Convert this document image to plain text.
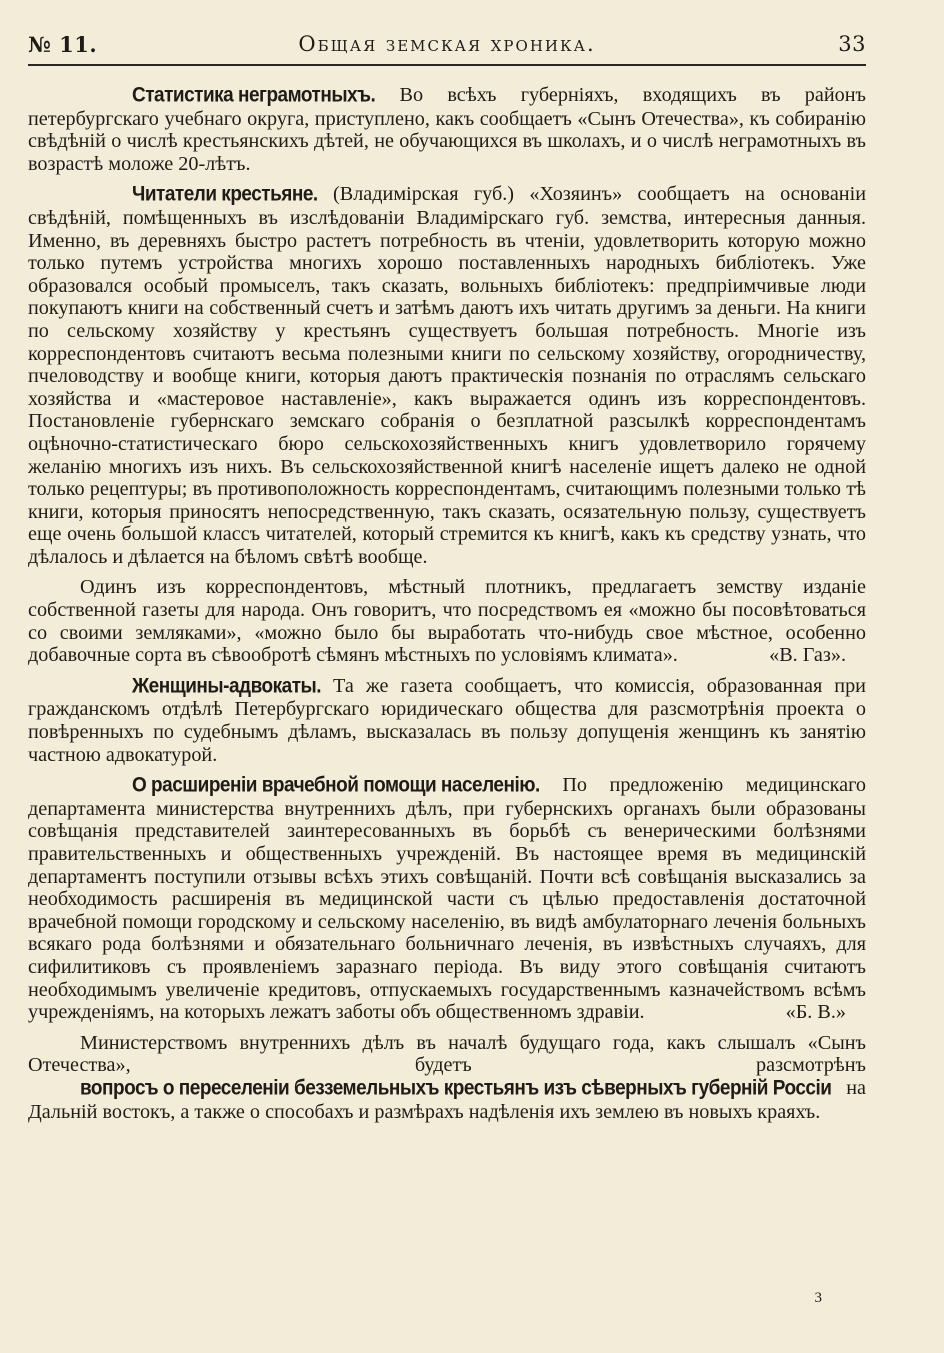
№ 11.	Общая земская хроника.	33

Статистика неграмотныхъ. Во всѣхъ губерніяхъ, входящихъ въ районъ петербургскаго учебнаго округа, приступлено, какъ сообщаетъ «Сынъ Отечества», къ собиранію свѣдѣній о числѣ крестьянскихъ дѣтей, не обучающихся въ школахъ, и о числѣ неграмотныхъ въ возрастѣ моложе 20-лѣтъ.

Читатели крестьяне. (Владимірская губ.) «Хозяинъ» сообщаетъ на основаніи свѣдѣній, помѣщенныхъ въ изслѣдованіи Владимірскаго губ. земства, интересныя данныя. Именно, въ деревняхъ быстро растетъ потребность въ чтеніи, удовлетворить которую можно только путемъ устройства многихъ хорошо поставленныхъ народныхъ библіотекъ. Уже образовался особый промыселъ, такъ сказать, вольныхъ библіотекъ: предпріимчивые люди покупаютъ книги на собственный счетъ и затѣмъ даютъ ихъ читать другимъ за деньги. На книги по сельскому хозяйству у крестьянъ существуетъ большая потребность. Многіе изъ корреспондентовъ считаютъ весьма полезными книги по сельскому хозяйству, огородничеству, пчеловодству и вообще книги, которыя даютъ практическія познанія по отраслямъ сельскаго хозяйства и «мастеровое наставленіе», какъ выражается одинъ изъ корреспондентовъ. Постановленіе губернскаго земскаго собранія о безплатной разсылкѣ корреспондентамъ оцѣночно-статистическаго бюро сельскохозяйственныхъ книгъ удовлетворило горячему желанію многихъ изъ нихъ. Въ сельскохозяйственной книгѣ населеніе ищетъ далеко не одной только рецептуры; въ противоположность корреспондентамъ, считающимъ полезными только тѣ книги, которыя приносятъ непосредственную, такъ сказать, осязательную пользу, существуетъ еще очень большой классъ читателей, который стремится къ книгѣ, какъ къ средству узнать, что дѣлалось и дѣлается на бѣломъ свѣтѣ вообще.

Одинъ изъ корреспондентовъ, мѣстный плотникъ, предлагаетъ земству изданіе собственной газеты для народа. Онъ говоритъ, что посредствомъ ея «можно бы посовѣтоваться со своими земляками», «можно было бы выработать что-нибудь свое мѣстное, особенно добавочные сорта въ сѣвообротѣ сѣмянъ мѣстныхъ по условіямъ климата».	«В. Газ».

Женщины-адвокаты. Та же газета сообщаетъ, что комиссія, образованная при гражданскомъ отдѣлѣ Петербургскаго юридическаго общества для разсмотрѣнія проекта о повѣренныхъ по судебнымъ дѣламъ, высказалась въ пользу допущенія женщинъ къ занятію частною адвокатурой.

О расширеніи врачебной помощи населенію. По предложенію медицинскаго департамента министерства внутреннихъ дѣлъ, при губернскихъ органахъ были образованы совѣщанія представителей заинтересованныхъ въ борьбѣ съ венерическими болѣзнями правительственныхъ и общественныхъ учрежденій. Въ настоящее время въ медицинскій департаментъ поступили отзывы всѣхъ этихъ совѣщаній. Почти всѣ совѣщанія высказались за необходимость расширенія въ медицинской части съ цѣлью предоставленія достаточной врачебной помощи городскому и сельскому населенію, въ видѣ амбулаторнаго леченія больныхъ всякаго рода болѣзнями и обязательнаго больничнаго леченія, въ извѣстныхъ случаяхъ, для сифилитиковъ съ проявленіемъ заразнаго періода. Въ виду этого совѣщанія считаютъ необходимымъ увеличеніе кредитовъ, отпускаемыхъ государственнымъ казначействомъ всѣмъ учрежденіямъ, на которыхъ лежатъ заботы объ общественномъ здравіи.	«Б. В.»

Министерствомъ внутреннихъ дѣлъ въ началѣ будущаго года, какъ слышалъ «Сынъ Отечества», будетъ разсмотрѣнъ вопросъ о переселеніи безземельныхъ крестьянъ изъ сѣверныхъ губерній Россіи на Дальній востокъ, а также о способахъ и размѣрахъ надѣленія ихъ землею въ новыхъ краяхъ.

3
